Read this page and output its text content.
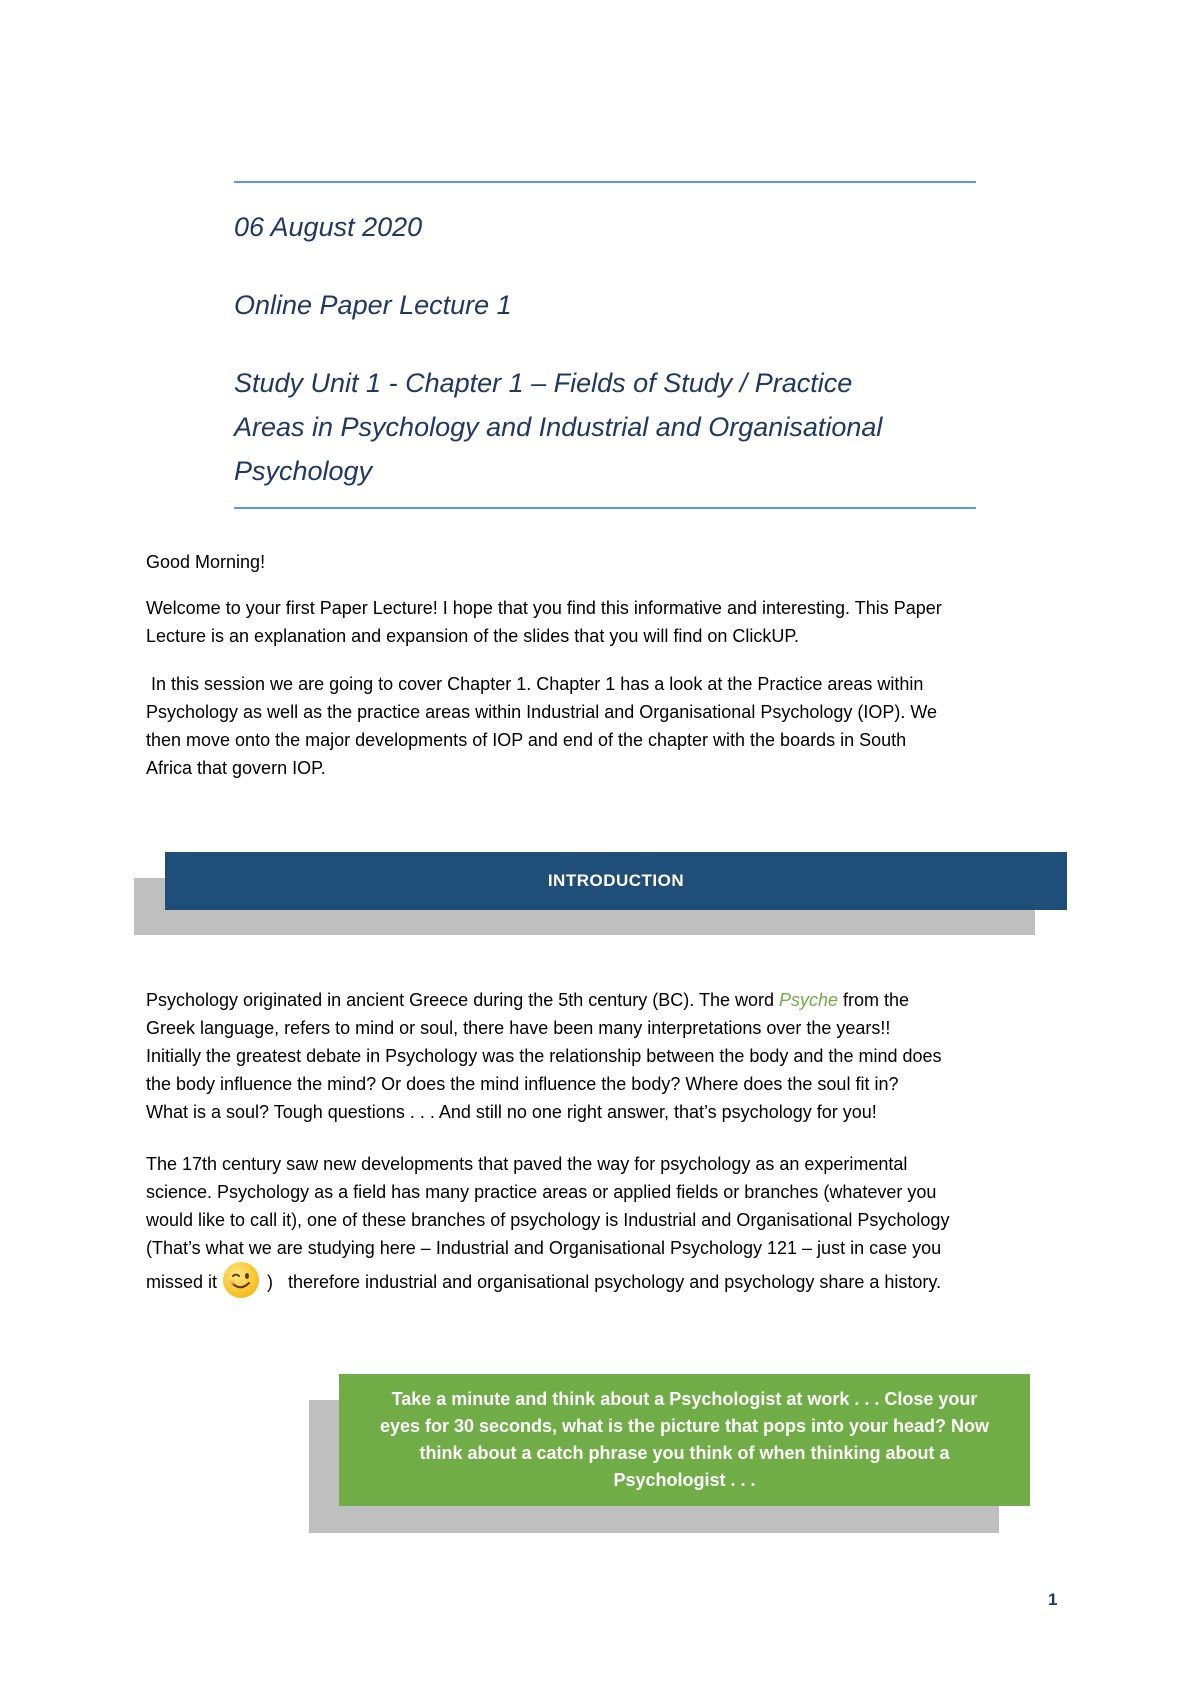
06 August 2020

Online Paper Lecture 1

Study Unit 1 - Chapter 1 – Fields of Study / Practice

Areas in Psychology and Industrial and Organisational

Psychology

Good Morning!

Welcome to your first Paper Lecture! I hope that you find this informative and interesting. This Paper

Lecture is an explanation and expansion of the slides that you will find on ClickUP.

In this session we are going to cover Chapter 1. Chapter 1 has a look at the Practice areas within

Psychology as well as the practice areas within Industrial and Organisational Psychology (IOP). We

then move onto the major developments of IOP and end of the chapter with the boards in South

Africa that govern IOP.

INTRODUCTION

Psychology originated in ancient Greece during the 5th century (BC). The word Psyche from the

Greek language, refers to mind or soul, there have been many interpretations over the years!!

Initially the greatest debate in Psychology was the relationship between the body and the mind does

the body influence the mind? Or does the mind influence the body? Where does the soul fit in?

What is a soul? Tough questions . . . And still no one right answer, that’s psychology for you!

The 17th century saw new developments that paved the way for psychology as an experimental

science. Psychology as a field has many practice areas or applied fields or branches (whatever you

would like to call it), one of these branches of psychology is Industrial and Organisational Psychology

(That’s what we are studying here – Industrial and Organisational Psychology 121 – just in case you

missed it	)   therefore industrial and organisational psychology and psychology share a history.

Take a minute and think about a Psychologist at work . . . Close your
eyes for 30 seconds, what is the picture that pops into your head? Now
think about a catch phrase you think of when thinking about a
Psychologist . . .
1
